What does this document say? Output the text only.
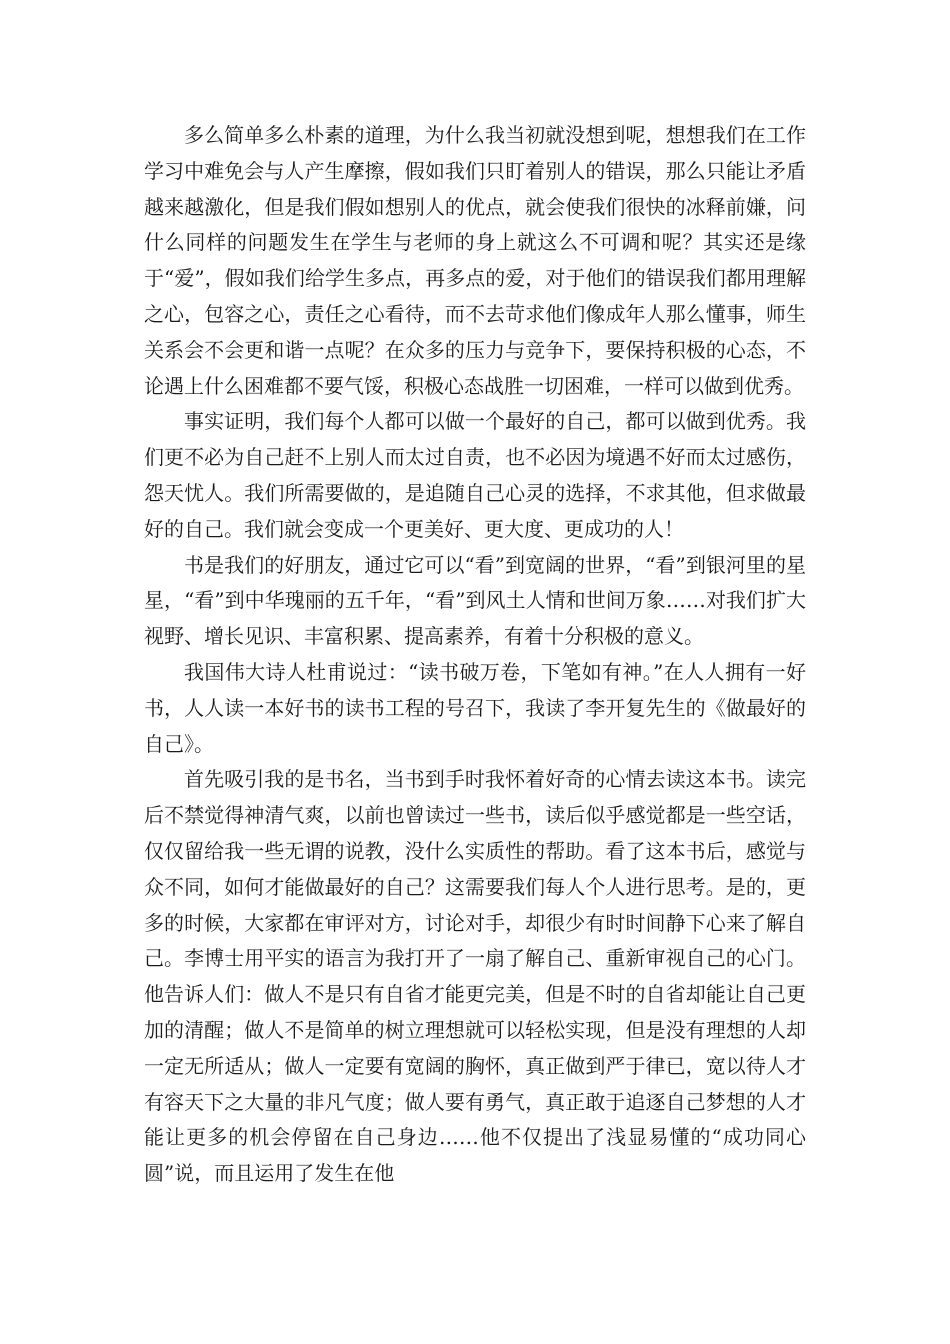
多么简单多么朴素的道理，为什么我当初就没想到呢，想想我们在工作学习中难免会与人产生摩擦，假如我们只盯着别人的错误，那么只能让矛盾越来越激化，但是我们假如想别人的优点，就会使我们很快的冰释前嫌，问什么同样的问题发生在学生与老师的身上就这么不可调和呢？其实还是缘于“爱”，假如我们给学生多点，再多点的爱，对于他们的错误我们都用理解之心，包容之心，责任之心看待，而不去苛求他们像成年人那么懂事，师生关系会不会更和谐一点呢？在众多的压力与竞争下，要保持积极的心态，不论遇上什么困难都不要气馁，积极心态战胜一切困难，一样可以做到优秀。

事实证明，我们每个人都可以做一个最好的自己，都可以做到优秀。我们更不必为自己赶不上别人而太过自责，也不必因为境遇不好而太过感伤，怨天忧人。我们所需要做的，是追随自己心灵的选择，不求其他，但求做最好的自己。我们就会变成一个更美好、更大度、更成功的人！

书是我们的好朋友，通过它可以“看”到宽阔的世界，“看”到银河里的星星，“看”到中华瑰丽的五千年，“看”到风土人情和世间万象……对我们扩大视野、增长见识、丰富积累、提高素养，有着十分积极的意义。

我国伟大诗人杜甫说过：“读书破万卷，下笔如有神。”在人人拥有一好书，人人读一本好书的读书工程的号召下，我读了李开复先生的《做最好的自己》。

首先吸引我的是书名，当书到手时我怀着好奇的心情去读这本书。读完后不禁觉得神清气爽，以前也曾读过一些书，读后似乎感觉都是一些空话，仅仅留给我一些无谓的说教，没什么实质性的帮助。看了这本书后，感觉与众不同，如何才能做最好的自己？这需要我们每人个人进行思考。是的，更多的时候，大家都在审评对方，讨论对手，却很少有时时间静下心来了解自己。李博士用平实的语言为我打开了一扇了解自己、重新审视自己的心门。他告诉人们：做人不是只有自省才能更完美，但是不时的自省却能让自己更加的清醒；做人不是简单的树立理想就可以轻松实现，但是没有理想的人却一定无所适从；做人一定要有宽阔的胸怀，真正做到严于律已，宽以待人才有容天下之大量的非凡气度；做人要有勇气，真正敢于追逐自己梦想的人才能让更多的机会停留在自己身边……他不仅提出了浅显易懂的“成功同心圆”说，而且运用了发生在他
